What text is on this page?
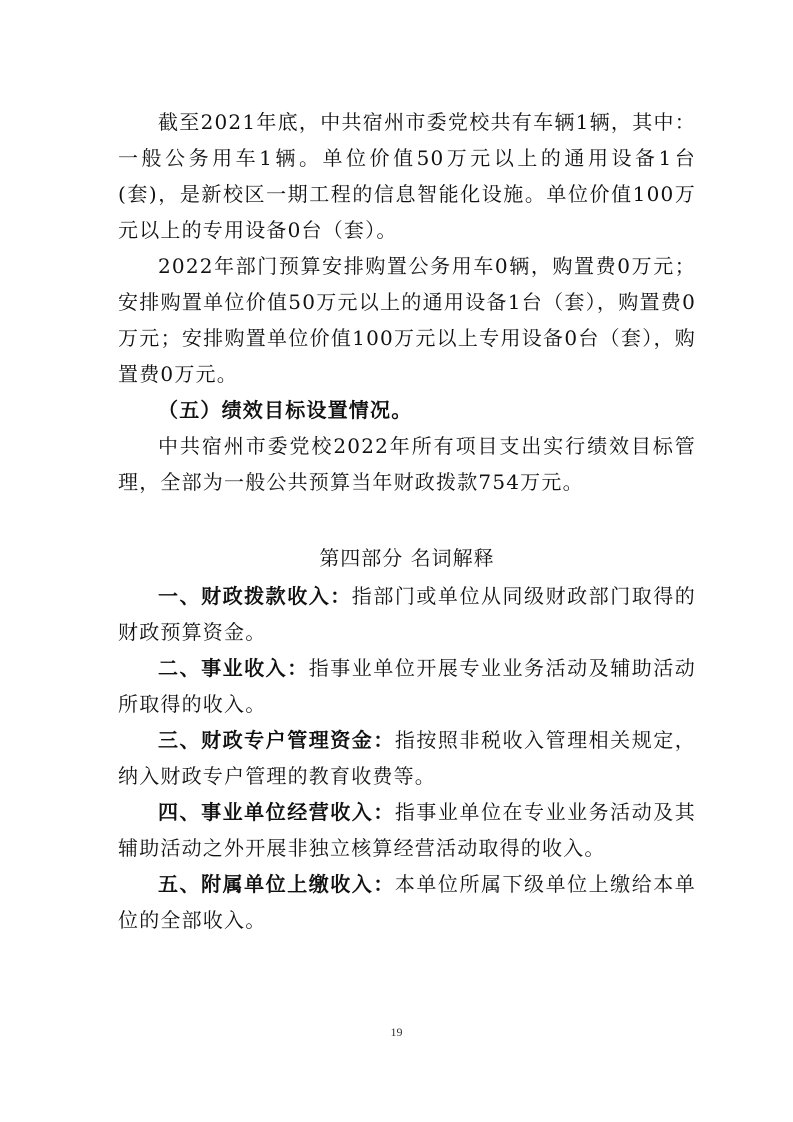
截至2021年底，中共宿州市委党校共有车辆1辆，其中：一般公务用车1辆。单位价值50万元以上的通用设备1台(套)，是新校区一期工程的信息智能化设施。单位价值100万元以上的专用设备0台（套）。

2022年部门预算安排购置公务用车0辆，购置费0万元；安排购置单位价值50万元以上的通用设备1台（套），购置费0万元；安排购置单位价值100万元以上专用设备0台（套），购置费0万元。

（五）绩效目标设置情况。

中共宿州市委党校2022年所有项目支出实行绩效目标管理，全部为一般公共预算当年财政拨款754万元。

第四部分 名词解释

一、财政拨款收入：指部门或单位从同级财政部门取得的财政预算资金。

二、事业收入：指事业单位开展专业业务活动及辅助活动所取得的收入。

三、财政专户管理资金：指按照非税收入管理相关规定，纳入财政专户管理的教育收费等。

四、事业单位经营收入：指事业单位在专业业务活动及其辅助活动之外开展非独立核算经营活动取得的收入。

五、附属单位上缴收入：本单位所属下级单位上缴给本单位的全部收入。

19
